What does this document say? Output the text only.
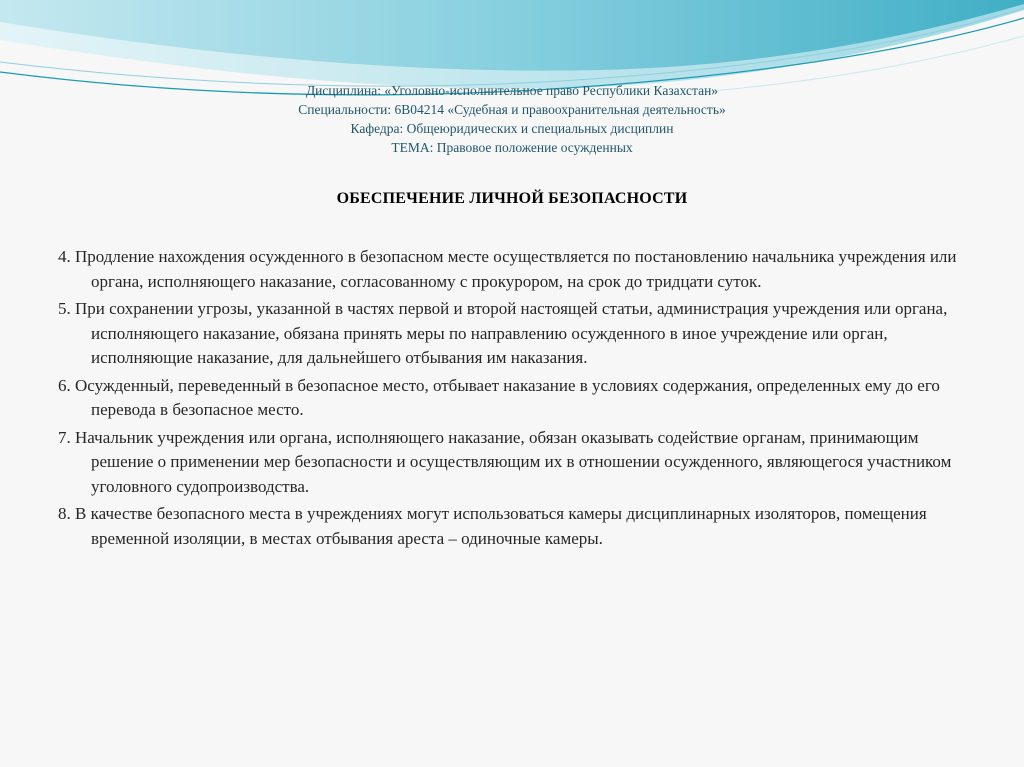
Дисциплина: «Уголовно-исполнительное право Республики Казахстан»
Специальности: 6В04214 «Судебная и правоохранительная деятельность»
Кафедра: Общеюридических и специальных дисциплин
ТЕМА: Правовое положение осужденных
ОБЕСПЕЧЕНИЕ ЛИЧНОЙ БЕЗОПАСНОСТИ

4. Продление нахождения осужденного в безопасном месте осуществляется по постановлению начальника учреждения или органа, исполняющего наказание, согласованному с прокурором, на срок до тридцати суток.

5. При сохранении угрозы, указанной в частях первой и второй настоящей статьи, администрация учреждения или органа, исполняющего наказание, обязана принять меры по направлению осужденного в иное учреждение или орган, исполняющие наказание, для дальнейшего отбывания им наказания.

6. Осужденный, переведенный в безопасное место, отбывает наказание в условиях содержания, определенных ему до его перевода в безопасное место.

7. Начальник учреждения или органа, исполняющего наказание, обязан оказывать содействие органам, принимающим решение о применении мер безопасности и осуществляющим их в отношении осужденного, являющегося участником уголовного судопроизводства.

8. В качестве безопасного места в учреждениях могут использоваться камеры дисциплинарных изоляторов, помещения временной изоляции, в местах отбывания ареста – одиночные камеры.
